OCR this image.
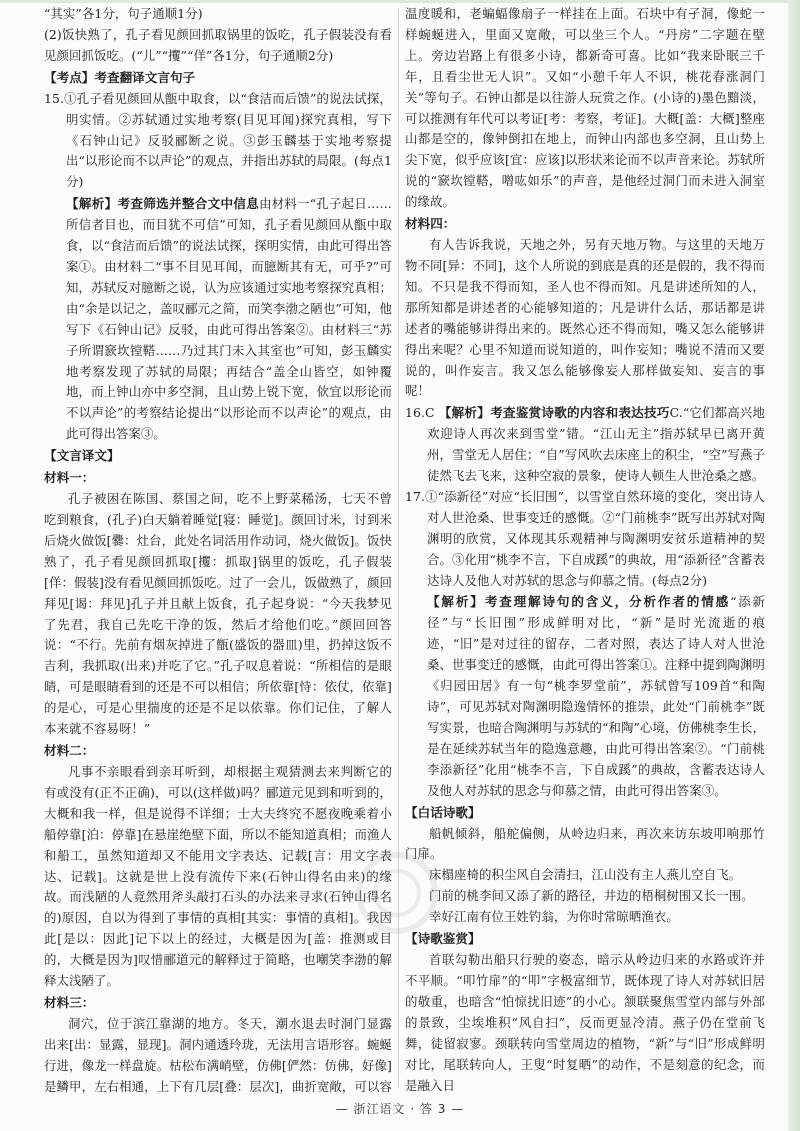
“其实”各1分，句子通顺1分)

(2)饭快熟了，孔子看见颜回抓取锅里的饭吃，孔子假装没有看见颜回抓饭吃。(“儿”“攫”“佯”各1分，句子通顺2分)

【考点】考查翻译文言句子

15.①孔子看见颜回从甑中取食，以“食洁而后馈”的说法试探，明实情。②苏轼通过实地考察(目见耳闻)探究真相，写下《石钟山记》反驳郦断之说。③彭玉麟基于实地考察提出“以形论而不以声论”的观点，并指出苏轼的局限。(每点1分)

【解析】考查筛选并整合文中信息由材料一“孔子起日……所信者目也，而目犹不可信”可知，孔子看见颜回从甑中取食，以“食洁而后馈”的说法试探，探明实情，由此可得出答案①。由材料二“事不目见耳闻，而臆断其有无，可乎?”可知，苏轼反对臆断之说，认为应该通过实地考察探究真相；由“余是以记之，盖叹郦元之简，而笑李渤之陋也”可知，他写下《石钟山记》反驳，由此可得出答案②。由材料三“苏子所谓窾坎镗鞳……乃过其门未入其室也”可知，彭玉麟实地考察发现了苏轼的局限；再结合“盖全山皆空，如钟覆地，而上钟山亦中多空洞，且山势上锐下宽，佽宜以形论而不以声论”的考察结论提出“以形论而不以声论”的观点，由此可得出答案③。

【文言译文】

材料一：

孔子被困在陈国、蔡国之间，吃不上野菜稀汤，七天不曾吃到粮食，(孔子)白天躺着睡觉[寝：睡觉]。颜回讨米，讨到米后烧火做饭[爨：灶台，此处名词活用作动词，烧火做饭]。饭快熟了，孔子看见颜回抓取[攫：抓取]锅里的饭吃，孔子假装[佯：假装]没有看见颜回抓饭吃。过了一会儿，饭做熟了，颜回拜见[谒：拜见]孔子并且献上饭食，孔子起身说：“今天我梦见了先君，我自己先吃干净的饭，然后才给他们吃。”颜回回答说：“不行。先前有烟灰掉进了甑(盛饭的器皿)里，扔掉这饭不吉利，我抓取(出来)并吃了它。”孔子叹息着说：“所相信的是眼睛，可是眼睛看到的还是不可以相信；所依靠[恃：依仗，依靠]的是心，可是心里揣度的还是不足以依靠。你们记住，了解人本来就不容易呀！”

材料二：

凡事不亲眼看到亲耳听到，却根据主观猜测去来判断它的有或没有(正不正确)，可以(这样做)吗？郦道元见到和听到的，大概和我一样，但是说得不详细；士大夫终究不愿夜晚乘着小船停靠[泊：停靠]在悬崖绝壁下面，所以不能知道真相；而渔人和船工，虽然知道却又不能用文字表达、记载[言：用文字表达、记载]。这就是世上没有流传下来(石钟山得名由来)的缘故。而浅陋的人竟然用斧头敲打石头的办法来寻求(石钟山得名的)原因，自以为得到了事情的真相[其实：事情的真相]。我因此[是以：因此]记下以上的经过，大概是因为[盖：推测或目的，大概是因为]叹惜郦道元的解释过于简略，也嘲笑李渤的解释太浅陋了。

材料三：

洞穴，位于滨江靠湖的地方。冬天，潮水退去时洞门显露出来[出：显露，显现]。洞内通透玲珑，无法用言语形容。蜿蜒行进，像龙一样盘旋。枯松布满峭壁，仿佛[俨然：仿佛，好像]是鳞甲，左右相通，上下有几层[叠：层次]，曲折宽敞，可以容

温度暖和，老蝙蝠像扇子一样挂在上面。石块中有孑洞，像蛇一样蜿蜒进入，里面又宽敞，可以坐三个人。“丹房”二字题在壁上。旁边岩路上有很多小诗，都新奇可喜。比如“我来卧眠三千年，且看尘世无人识”。又如“小憩千年人不识，桃花春涨洞门关”等句子。石钟山都是以往游人玩赏之作。(小诗的)墨色黯淡，可以推测有年代可以考证[考：考察，考证]。大概[盖：大概]整座山都是空的，像钟倒扣在地上，而钟山内部也多空洞，且山势上尖下宽，似乎应该[宜：应该]以形状来论而不以声音来论。苏轼所说的“窾坎镗鞳，噌吰如乐”的声音，是他经过洞门而未进入洞室的缘故。

材料四：

有人告诉我说，天地之外，另有天地万物。与这里的天地万物不同[异：不同]，这个人所说的到底是真的还是假的，我不得而知。不只是我不得而知，圣人也不得而知。凡是讲述所知的人，那所知都是讲述者的心能够知道的；凡是讲什么话，那话都是讲述者的嘴能够讲得出来的。既然心还不得而知，嘴又怎么能够讲得出来呢？心里不知道而说知道的，叫作妄知；嘴说不清而又要说的，叫作妄言。我又怎么能够像妄人那样做妄知、妄言的事呢！

16.C 【解析】考查鉴赏诗歌的内容和表达技巧C.“它们都高兴地欢迎诗人再次来到雪堂”错。“江山无主”指苏轼早已离开黄州，雪堂无人居住；“自”写风吹去床座上的积尘，“空”写燕子徒然飞去飞来，这种空寂的景象，使诗人顿生人世沧桑之感。

17.①“添新径”对应“长旧围”，以雪堂自然环境的变化，突出诗人对人世沧桑、世事变迁的感慨。②“门前桃李”既写出苏轼对陶渊明的欣赏，又体现其乐观精神与陶渊明安贫乐道精神的契合。③化用“桃李不言，下自成蹊”的典故，用“添新径”含蓄表达诗人及他人对苏轼的思念与仰慕之情。(每点2分)

【解析】考查理解诗句的含义，分析作者的情感“添新径”与“长旧围”形成鲜明对比，“新”是时光流逝的痕迹，“旧”是对过往的留存，二者对照，表达了诗人对人世沧桑、世事变迁的感慨，由此可得出答案①。注释中提到陶渊明《归园田居》有一句“桃李罗堂前”，苏轼曾写109首“和陶诗”，可见苏轼对陶渊明隐逸情怀的推崇，此处“门前桃李”既写实景，也暗合陶渊明与苏轼的“和陶”心境，仿佛桃李生长，是在延续苏轼当年的隐逸意趣，由此可得出答案②。“门前桃李添新径”化用“桃李不言，下自成蹊”的典故，含蓄表达诗人及他人对苏轼的思念与仰慕之情，由此可得出答案③。

【白话诗歌】

船帆倾斜，船舵偏侧，从岭边归来，再次来访东坡叩响那竹门扉。

床榻座椅的积尘风自会清扫，江山没有主人燕儿空自飞。

门前的桃李间又添了新的路径，井边的梧桐树围又长一围。

幸好江南有位王姓钓翁，为你时常晾晒渔衣。

【诗歌鉴赏】

首联勾勒出船只行驶的姿态，暗示从岭边归来的水路或许并不平顺。“叩竹扉”的“叩”字极富细节，既体现了诗人对苏轼旧居的敬重，也暗含“怕惊扰旧迹”的小心。颔联聚焦雪堂内部与外部的景致，尘埃堆积“风自扫”，反而更显冷清。燕子仍在堂前飞舞，徒留寂寥。颈联转向雪堂周边的植物，“新”与“旧”形成鲜明对比，尾联转向人，王叟“时复晒”的动作，不是刻意的纪念，而是融入日

— 浙江语文 · 答 3 —
